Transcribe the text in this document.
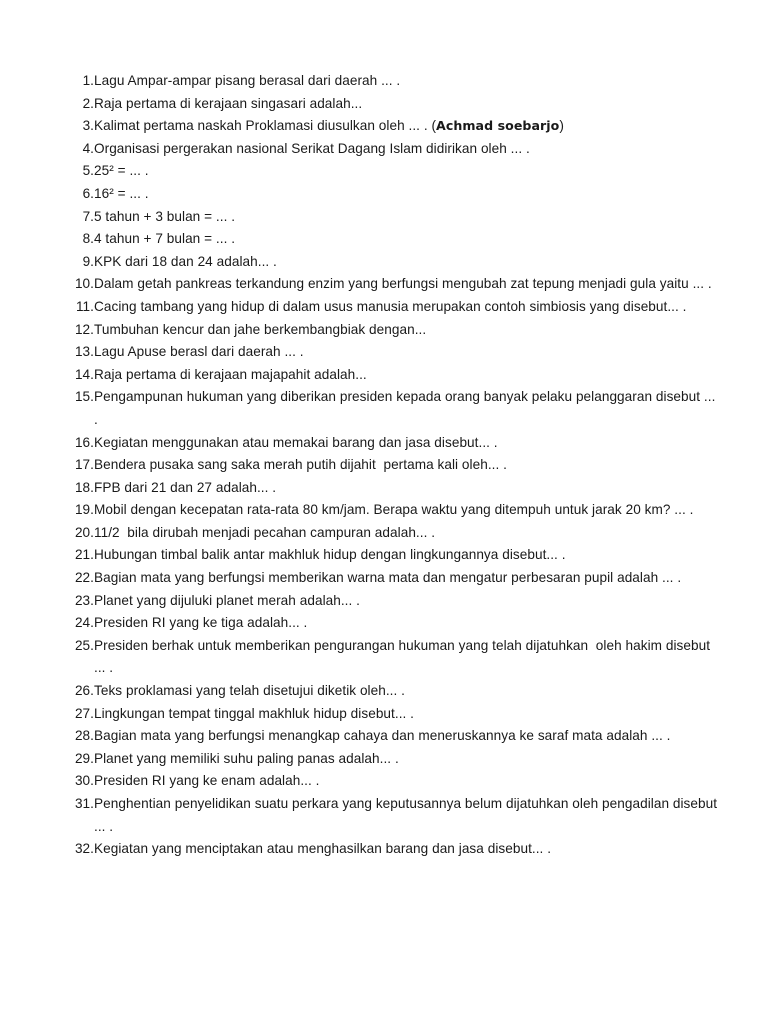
1. Lagu Ampar-ampar pisang berasal dari daerah ... .
2. Raja pertama di kerajaan singasari adalah...
3. Kalimat pertama naskah Proklamasi diusulkan oleh ... . (Achmad soebarjo)
4. Organisasi pergerakan nasional Serikat Dagang Islam didirikan oleh ... .
5. 25² = ... .
6. 16² = ... .
7. 5 tahun + 3 bulan = ... .
8. 4 tahun + 7 bulan = ... .
9. KPK dari 18 dan 24 adalah... .
10. Dalam getah pankreas terkandung enzim yang berfungsi mengubah zat tepung menjadi gula yaitu ... .
11. Cacing tambang yang hidup di dalam usus manusia merupakan contoh simbiosis yang disebut... .
12. Tumbuhan kencur dan jahe berkembangbiak dengan...
13. Lagu Apuse berasl dari daerah ... .
14. Raja pertama di kerajaan majapahit adalah...
15. Pengampunan hukuman yang diberikan presiden kepada orang banyak pelaku pelanggaran disebut ... .
16. Kegiatan menggunakan atau memakai barang dan jasa disebut... .
17. Bendera pusaka sang saka merah putih dijahit  pertama kali oleh... .
18. FPB dari 21 dan 27 adalah... .
19. Mobil dengan kecepatan rata-rata 80 km/jam. Berapa waktu yang ditempuh untuk jarak 20 km? ... .
20. 11/2  bila dirubah menjadi pecahan campuran adalah... .
21. Hubungan timbal balik antar makhluk hidup dengan lingkungannya disebut... .
22. Bagian mata yang berfungsi memberikan warna mata dan mengatur perbesaran pupil adalah ... .
23. Planet yang dijuluki planet merah adalah... .
24. Presiden RI yang ke tiga adalah... .
25. Presiden berhak untuk memberikan pengurangan hukuman yang telah dijatuhkan  oleh hakim disebut ... .
26. Teks proklamasi yang telah disetujui diketik oleh... .
27. Lingkungan tempat tinggal makhluk hidup disebut... .
28. Bagian mata yang berfungsi menangkap cahaya dan meneruskannya ke saraf mata adalah ... .
29. Planet yang memiliki suhu paling panas adalah... .
30. Presiden RI yang ke enam adalah... .
31. Penghentian penyelidikan suatu perkara yang keputusannya belum dijatuhkan oleh pengadilan disebut ... .
32. Kegiatan yang menciptakan atau menghasilkan barang dan jasa disebut... .
